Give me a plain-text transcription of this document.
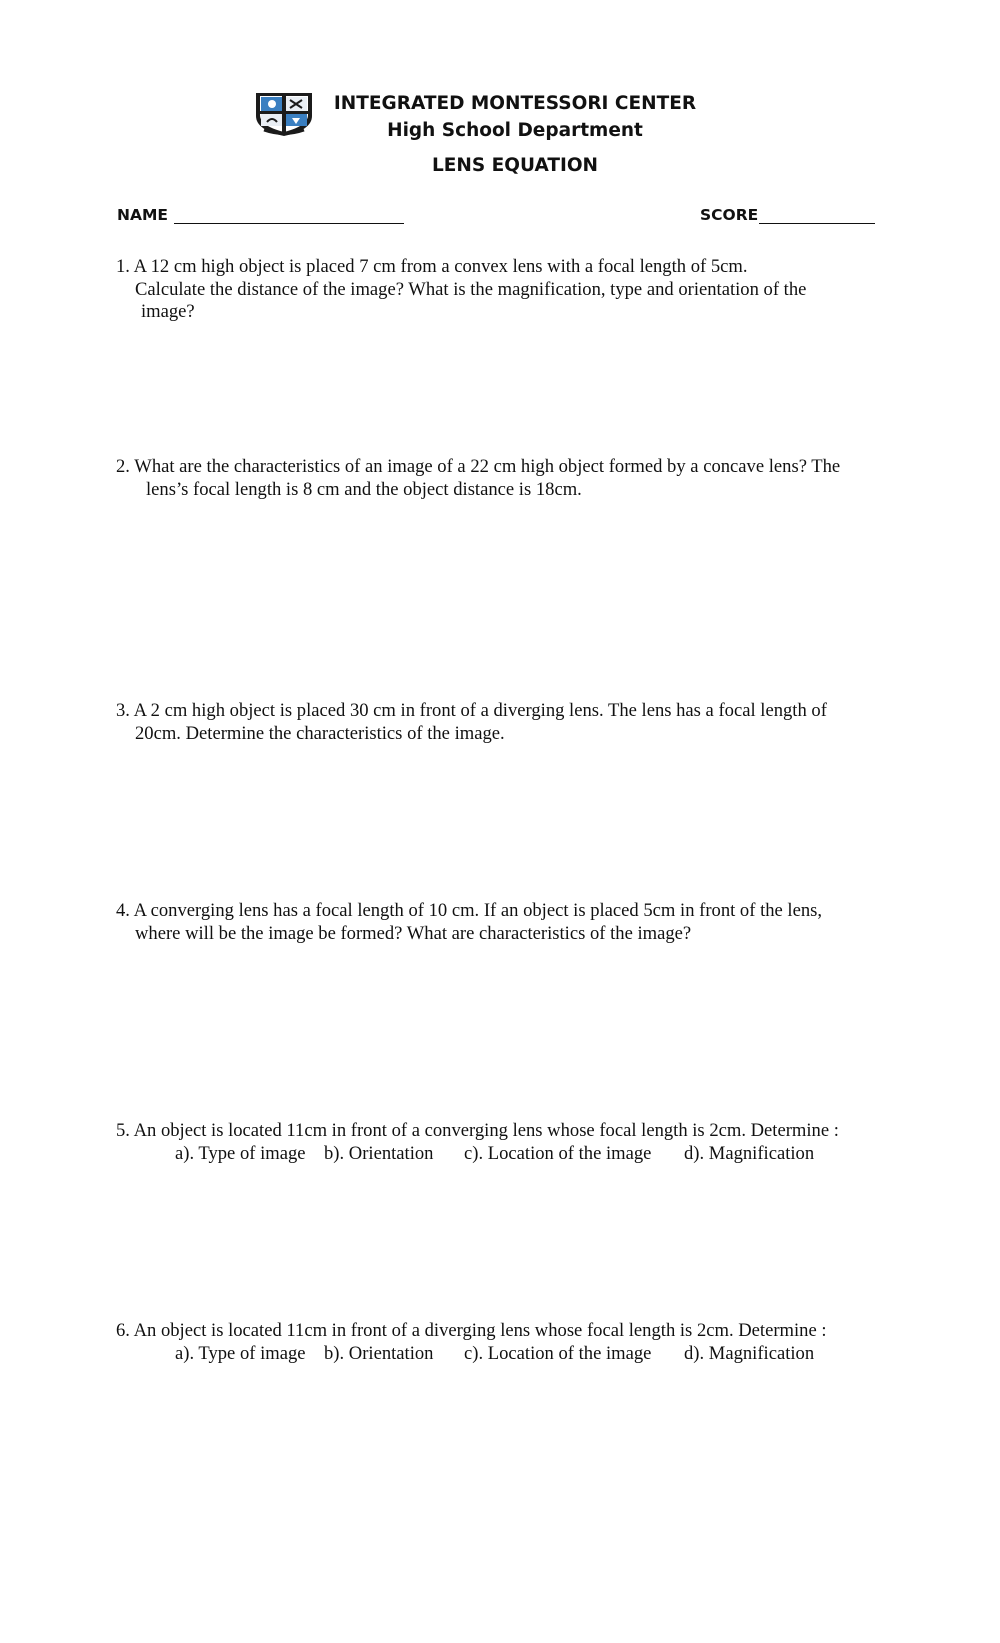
INTEGRATED MONTESSORI CENTER
High School Department
LENS EQUATION
NAME	SCORE
1. A 12 cm high object is placed 7 cm from a convex lens with a focal length of 5cm.
Calculate the distance of the image? What is the magnification, type and orientation of the
image?
2. What are the characteristics of an image of a 22 cm high object formed by a concave lens? The
lens’s focal length is 8 cm and the object distance is 18cm.
3. A 2 cm high object is placed 30 cm in front of a diverging lens. The lens has a focal length of
20cm. Determine the characteristics of the image.
4. A converging lens has a focal length of 10 cm. If an object is placed 5cm in front of the lens,
where will be the image be formed? What are characteristics of the image?
5. An object is located 11cm in front of a converging lens whose focal length is 2cm. Determine :
a). Type of image b). Orientation c). Location of the image d). Magnification
6. An object is located 11cm in front of a diverging lens whose focal length is 2cm. Determine :
a). Type of image b). Orientation c). Location of the image d). Magnification
